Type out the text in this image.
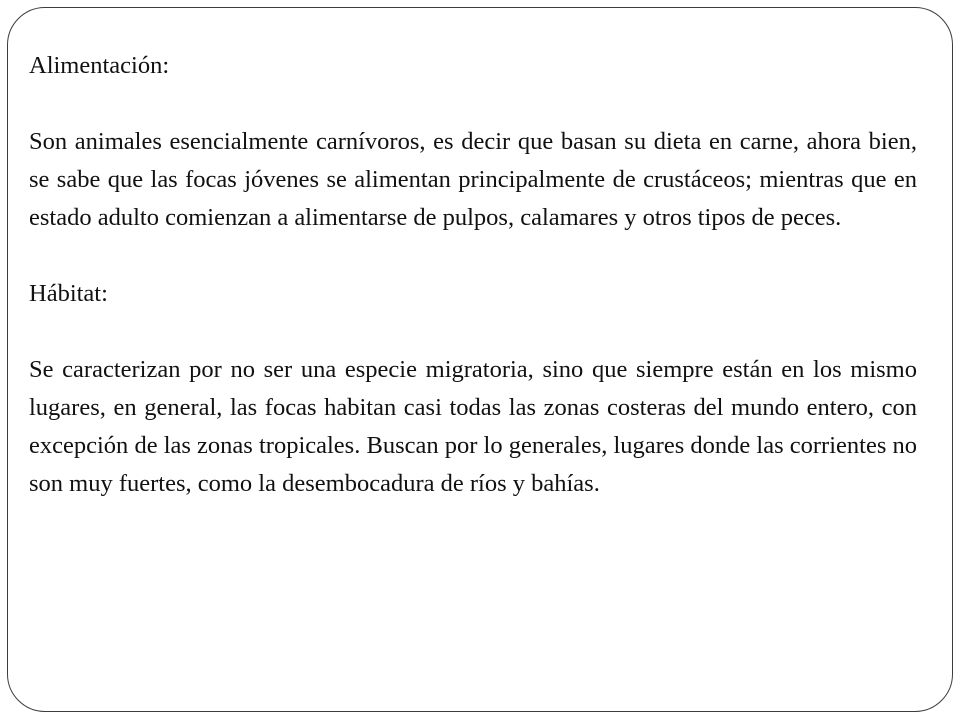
Alimentación:

Son animales esencialmente carnívoros, es decir que basan su dieta en carne, ahora bien, se sabe que las focas jóvenes se alimentan principalmente de crustáceos; mientras que en estado adulto comienzan a alimentarse de pulpos, calamares y otros tipos de peces.

Hábitat:

Se caracterizan por no ser una especie migratoria, sino que siempre están en los mismo lugares, en general, las focas habitan casi todas las zonas costeras del mundo entero, con excepción de las zonas tropicales. Buscan por lo generales, lugares donde las corrientes no son muy fuertes, como la desembocadura de ríos y bahías.
